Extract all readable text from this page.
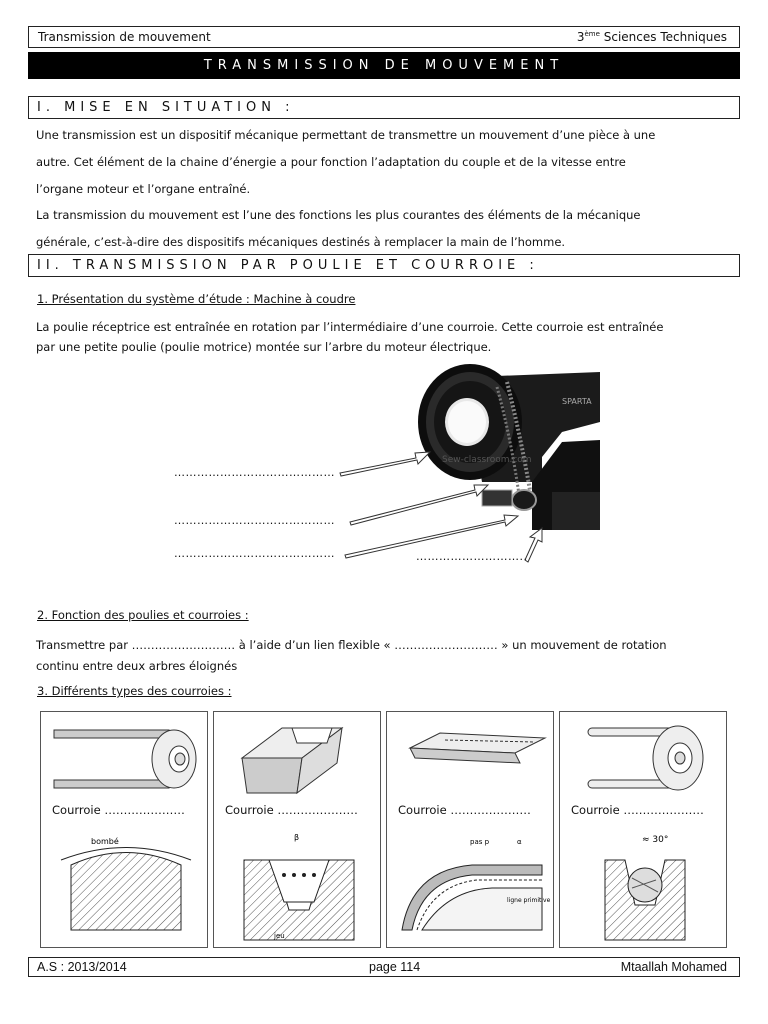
Transmission de mouvement	3ème Sciences Techniques
TRANSMISSION DE MOUVEMENT
I. MISE EN SITUATION :
Une transmission est un dispositif mécanique permettant de transmettre un mouvement d’une pièce à une
autre. Cet élément de la chaine d’énergie a pour fonction l’adaptation du couple et de la vitesse entre
l’organe moteur et l’organe entraîné.
La transmission du mouvement est l’une des fonctions les plus courantes des éléments de la mécanique
générale, c’est-à-dire des dispositifs mécaniques destinés à remplacer la main de l’homme.
II. TRANSMISSION PAR POULIE ET COURROIE :
1. Présentation du système d’étude : Machine à coudre
La poulie réceptrice est entraînée en rotation par l’intermédiaire d’une courroie. Cette courroie est entraînée
par une petite poulie (poulie motrice) montée sur l’arbre du moteur électrique.
SPARTA
Sew-classroom.com
……………………………………
……………………………………
……………………………………	………………………..
2. Fonction des poulies et courroies :
Transmettre par ……………………… à l’aide d’un lien flexible « ……………………… » un mouvement de rotation
continu entre deux arbres éloignés
3. Différents types des courroies :
Courroie …………………
bombé
Courroie …………………
β
jeu
Courroie …………………
pas p	α
ligne primitive
Courroie …………………
≈ 30°
A.S : 2013/2014	page 114	Mtaallah Mohamed
